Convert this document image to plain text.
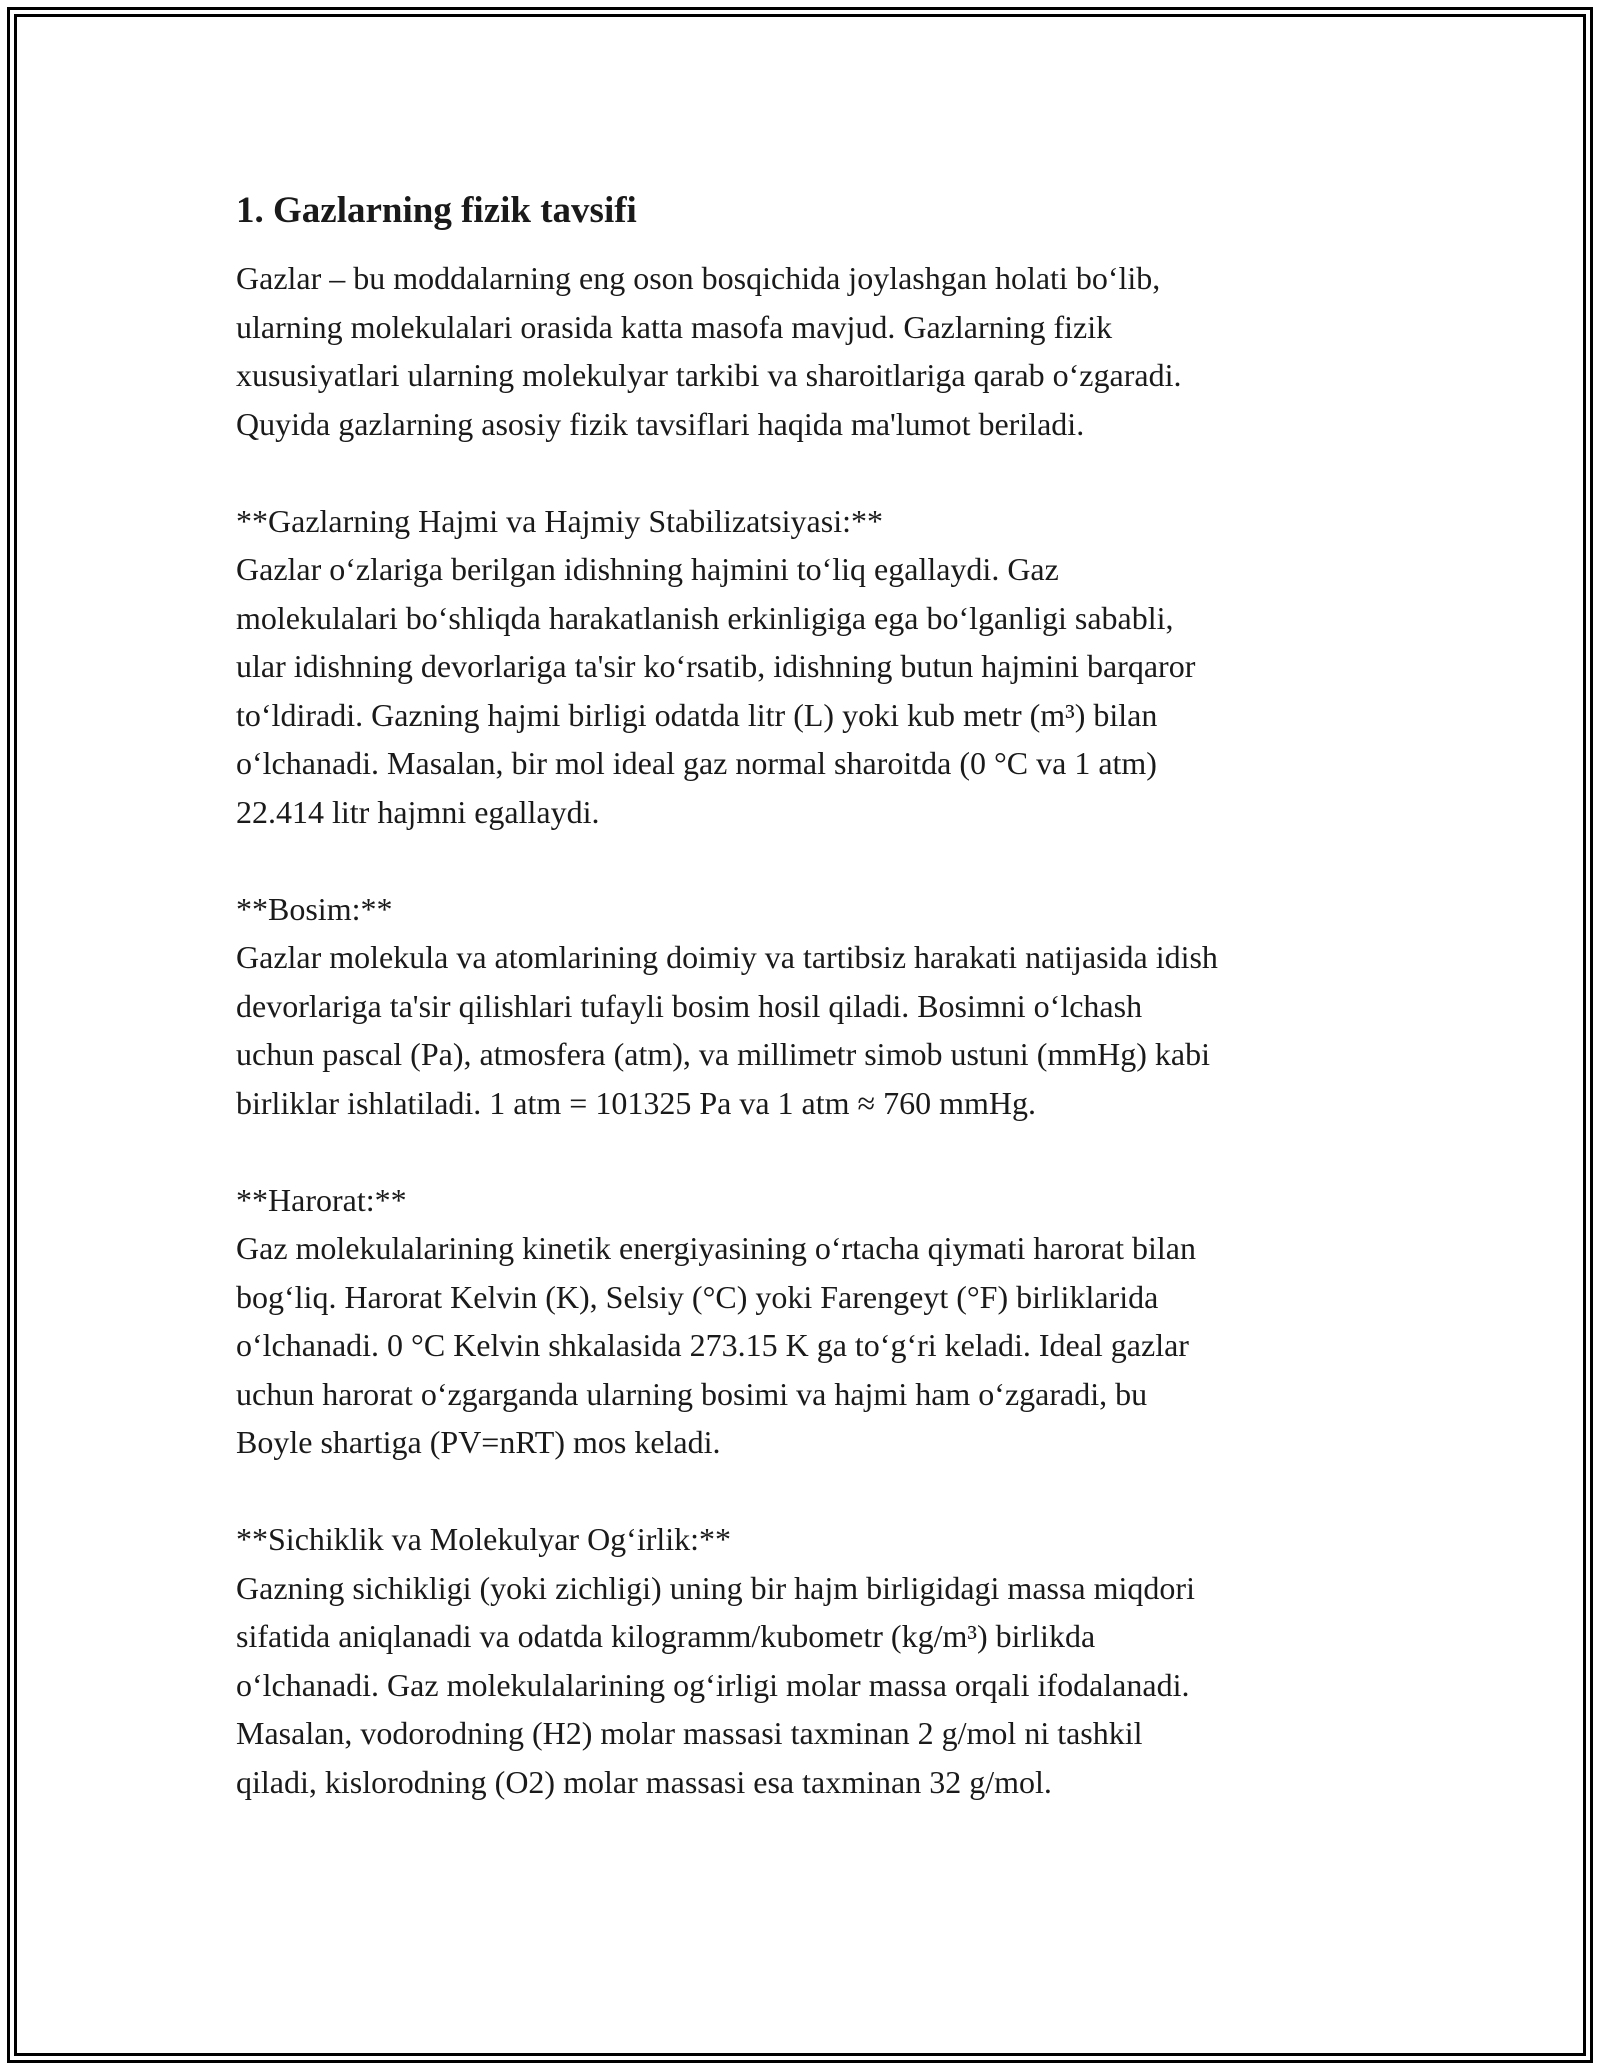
1. Gazlarning fizik tavsifi

Gazlar – bu moddalarning eng oson bosqichida joylashgan holati bo‘lib,
ularning molekulalari orasida katta masofa mavjud. Gazlarning fizik
xususiyatlari ularning molekulyar tarkibi va sharoitlariga qarab o‘zgaradi.
Quyida gazlarning asosiy fizik tavsiflari haqida ma'lumot beriladi.

**Gazlarning Hajmi va Hajmiy Stabilizatsiyasi:**

Gazlar o‘zlariga berilgan idishning hajmini to‘liq egallaydi. Gaz
molekulalari bo‘shliqda harakatlanish erkinligiga ega bo‘lganligi sababli,
ular idishning devorlariga ta'sir ko‘rsatib, idishning butun hajmini barqaror
to‘ldiradi. Gazning hajmi birligi odatda litr (L) yoki kub metr (m³) bilan
o‘lchanadi. Masalan, bir mol ideal gaz normal sharoitda (0 °C va 1 atm)
22.414 litr hajmni egallaydi.

**Bosim:**

Gazlar molekula va atomlarining doimiy va tartibsiz harakati natijasida idish
devorlariga ta'sir qilishlari tufayli bosim hosil qiladi. Bosimni o‘lchash
uchun pascal (Pa), atmosfera (atm), va millimetr simob ustuni (mmHg) kabi
birliklar ishlatiladi. 1 atm = 101325 Pa va 1 atm ≈ 760 mmHg.

**Harorat:**

Gaz molekulalarining kinetik energiyasining o‘rtacha qiymati harorat bilan
bog‘liq. Harorat Kelvin (K), Selsiy (°C) yoki Farengeyt (°F) birliklarida
o‘lchanadi. 0 °C Kelvin shkalasida 273.15 K ga to‘g‘ri keladi. Ideal gazlar
uchun harorat o‘zgarganda ularning bosimi va hajmi ham o‘zgaradi, bu
Boyle shartiga (PV=nRT) mos keladi.

**Sichiklik va Molekulyar Og‘irlik:**

Gazning sichikligi (yoki zichligi) uning bir hajm birligidagi massa miqdori
sifatida aniqlanadi va odatda kilogramm/kubometr (kg/m³) birlikda
o‘lchanadi. Gaz molekulalarining og‘irligi molar massa orqali ifodalanadi.
Masalan, vodorodning (H2) molar massasi taxminan 2 g/mol ni tashkil
qiladi, kislorodning (O2) molar massasi esa taxminan 32 g/mol.
